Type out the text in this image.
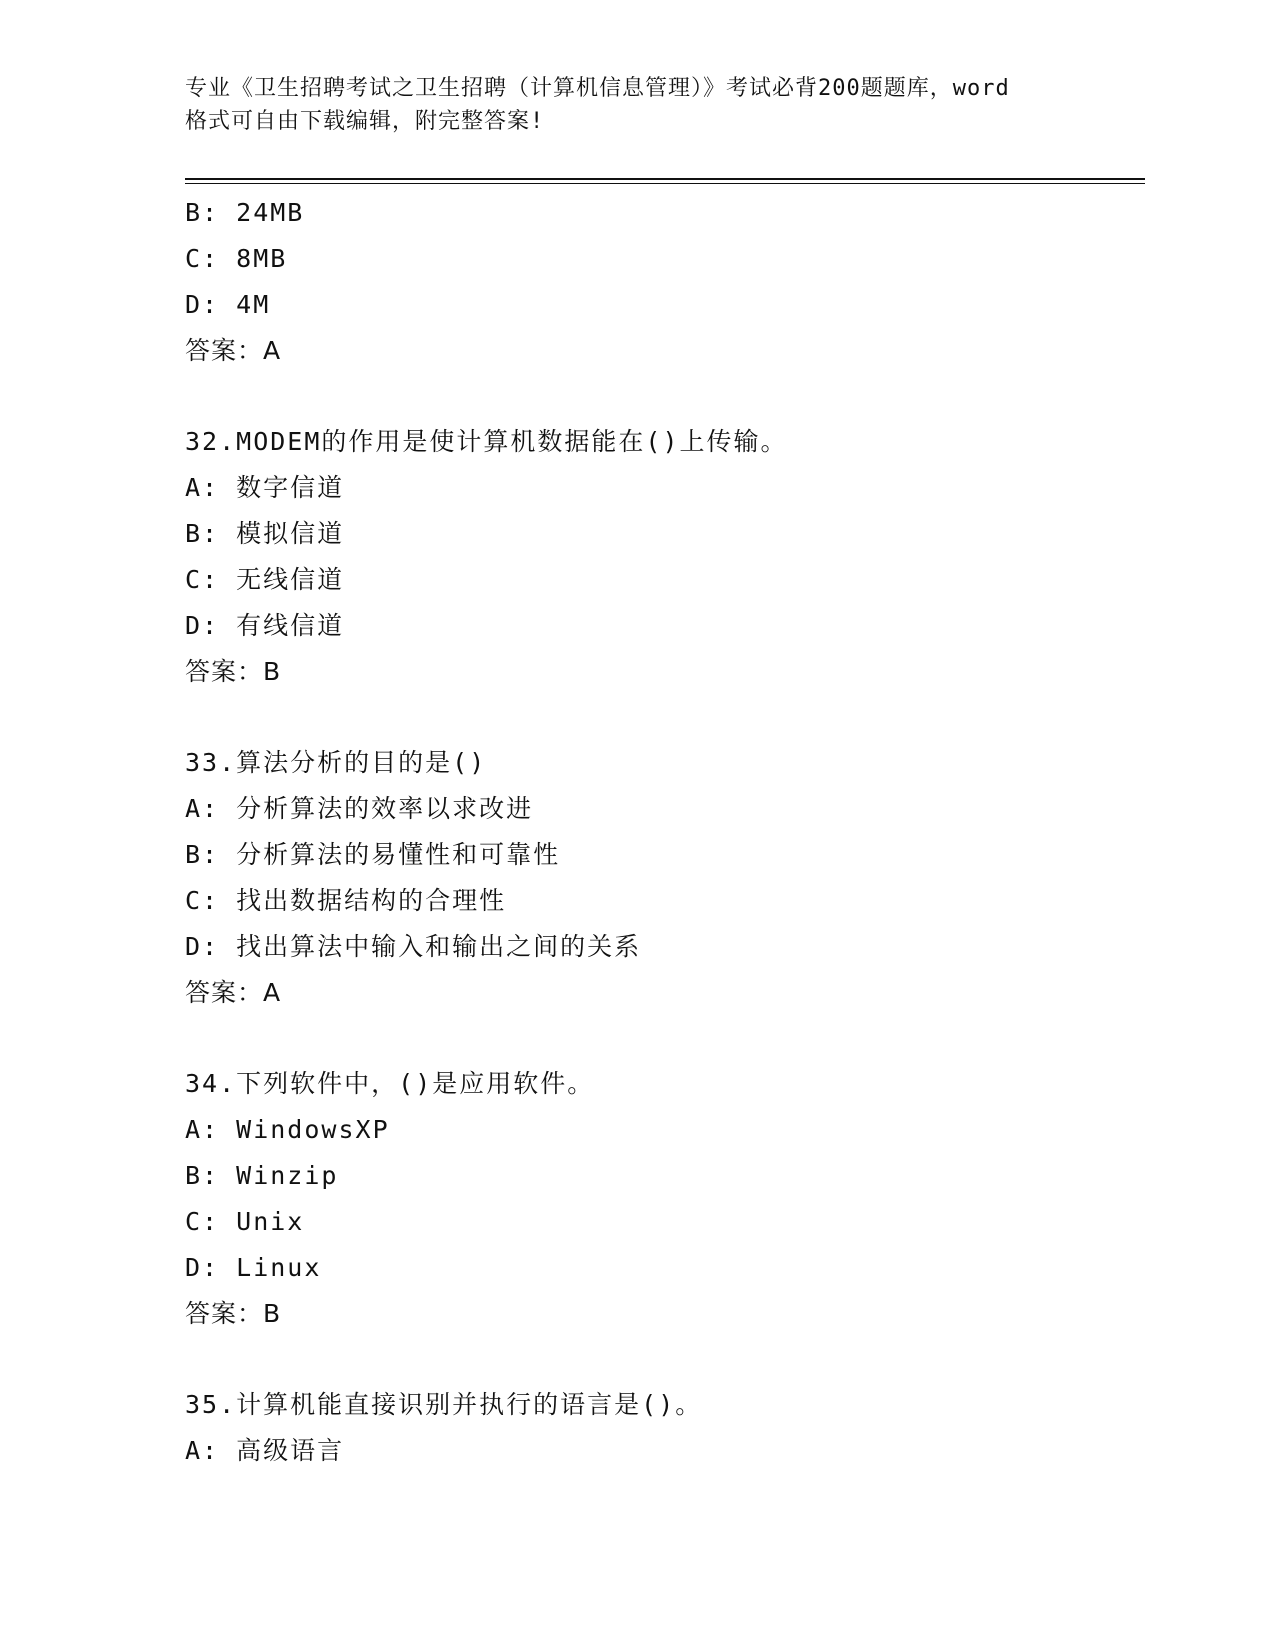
专业《卫生招聘考试之卫生招聘（计算机信息管理）》考试必背200题题库，word
格式可自由下载编辑，附完整答案!
B: 24MB
C: 8MB
D: 4M
答案：A
32.MODEM的作用是使计算机数据能在()上传输。
A: 数字信道
B: 模拟信道
C: 无线信道
D: 有线信道
答案：B
33.算法分析的目的是()
A: 分析算法的效率以求改进
B: 分析算法的易懂性和可靠性
C: 找出数据结构的合理性
D: 找出算法中输入和输出之间的关系
答案：A
34.下列软件中，()是应用软件。
A: WindowsXP
B: Winzip
C: Unix
D: Linux
答案：B
35.计算机能直接识别并执行的语言是()。
A: 高级语言
